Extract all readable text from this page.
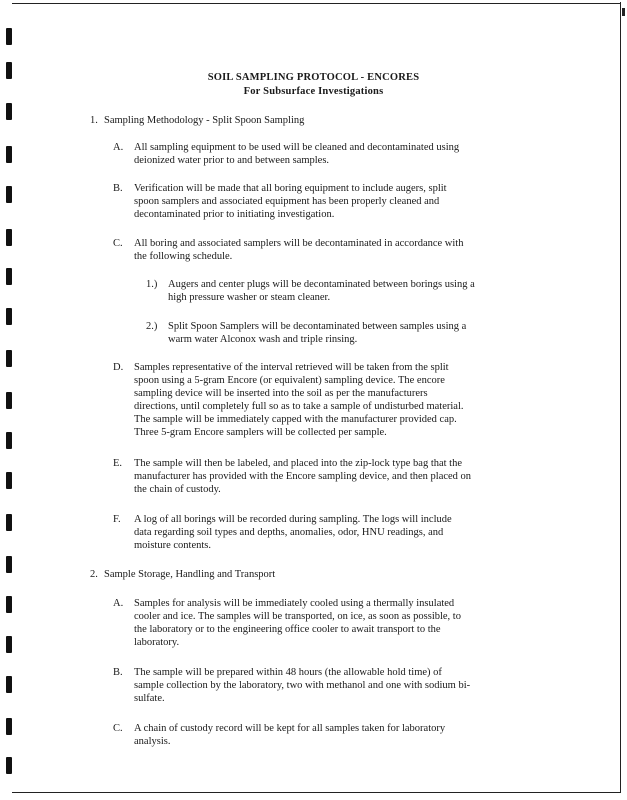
SOIL SAMPLING PROTOCOL - ENCORES
For Subsurface Investigations
1. Sampling Methodology - Split Spoon Sampling
A. All sampling equipment to be used will be cleaned and decontaminated using
deionized water prior to and between samples.
B. Verification will be made that all boring equipment to include augers, split
spoon samplers and associated equipment has been properly cleaned and
decontaminated prior to initiating investigation.
C. All boring and associated samplers will be decontaminated in accordance with
the following schedule.
1.) Augers and center plugs will be decontaminated between borings using a
high pressure washer or steam cleaner.
2.) Split Spoon Samplers will be decontaminated between samples using a
warm water Alconox wash and triple rinsing.
D. Samples representative of the interval retrieved will be taken from the split
spoon using a 5-gram Encore (or equivalent) sampling device. The encore
sampling device will be inserted into the soil as per the manufacturers
directions, until completely full so as to take a sample of undisturbed material.
The sample will be immediately capped with the manufacturer provided cap.
Three 5-gram Encore samplers will be collected per sample.
E. The sample will then be labeled, and placed into the zip-lock type bag that the
manufacturer has provided with the Encore sampling device, and then placed on
the chain of custody.
F. A log of all borings will be recorded during sampling. The logs will include
data regarding soil types and depths, anomalies, odor, HNU readings, and
moisture contents.
2. Sample Storage, Handling and Transport
A. Samples for analysis will be immediately cooled using a thermally insulated
cooler and ice. The samples will be transported, on ice, as soon as possible, to
the laboratory or to the engineering office cooler to await transport to the
laboratory.
B. The sample will be prepared within 48 hours (the allowable hold time) of
sample collection by the laboratory, two with methanol and one with sodium bi-
sulfate.
C. A chain of custody record will be kept for all samples taken for laboratory
analysis.
